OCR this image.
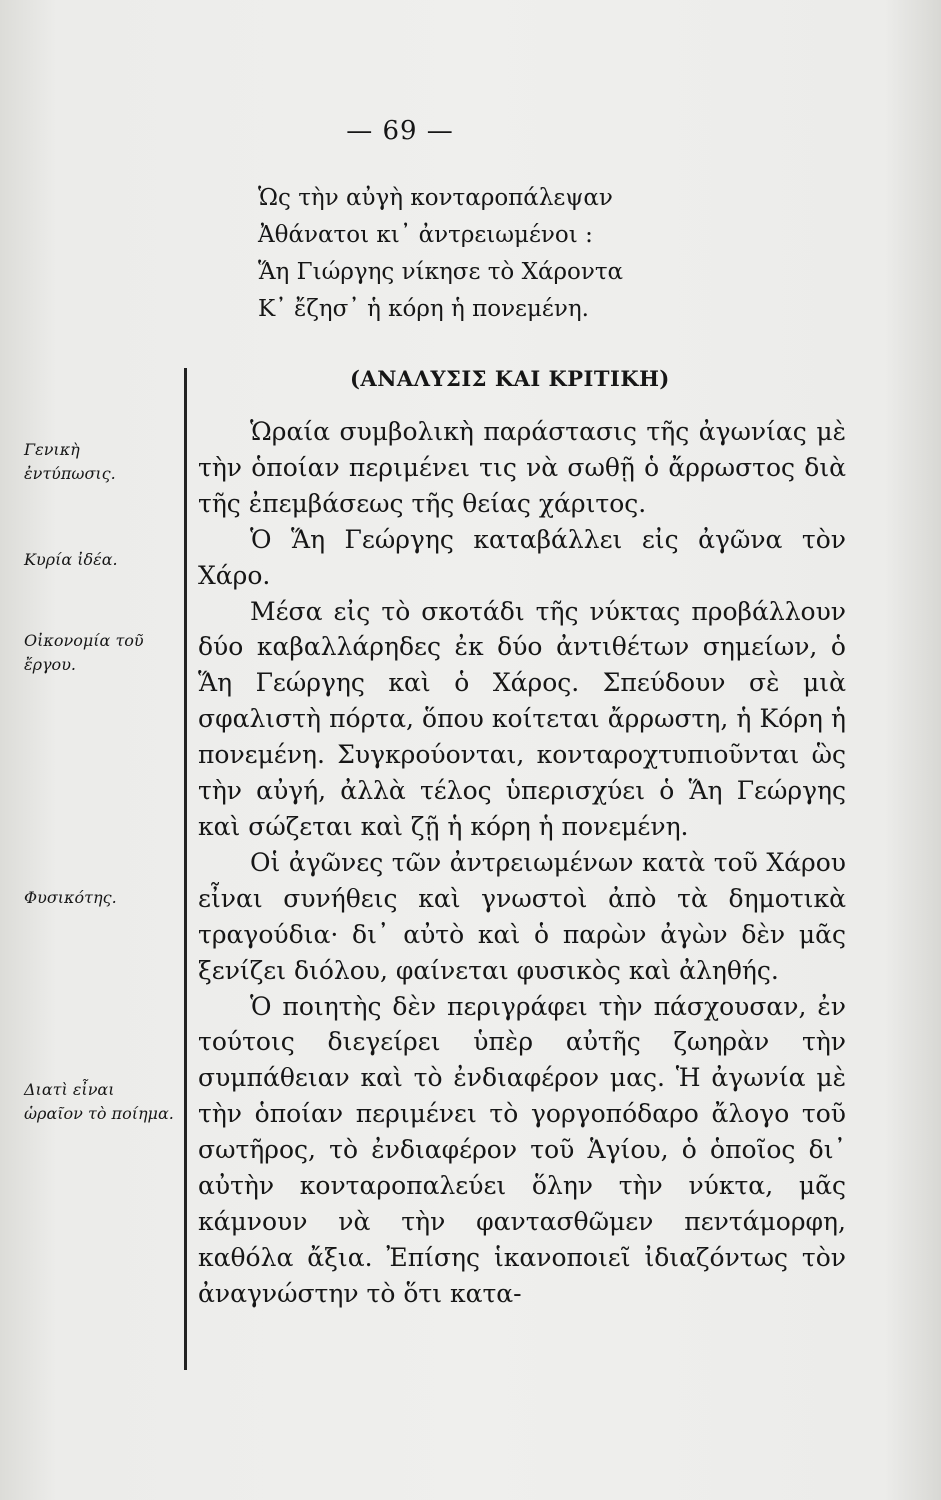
— 69 —
Ὡς τὴν αὐγὴ κονταροπάλεψαν
Ἀθάνατοι κι᾿ ἀντρειωμένοι :
Ἅη Γιώργης νίκησε τὸ Χάροντα
Κ᾿ ἔζησ᾿ ἡ κόρη ἡ πονεμένη.
(ΑΝΑΛΥΣΙΣ ΚΑΙ ΚΡΙΤΙΚΗ)
Γενικὴ ἐντύπωσις.
Κυρία ἰδέα.
Οἰκονομία τοῦ ἔργου.
Φυσικότης.
Διατὶ εἶναι ὡραῖον τὸ ποίημα.

Ὡραία συμβολικὴ παράστασις τῆς ἀγωνίας μὲ τὴν ὁποίαν περιμένει τις νὰ σωθῇ ὁ ἄρρωστος διὰ τῆς ἐπεμβάσεως τῆς θείας χάριτος.

Ὁ Ἅη Γεώργης καταβάλλει εἰς ἀγῶνα τὸν Χάρο.

Μέσα εἰς τὸ σκοτάδι τῆς νύκτας προβάλλουν δύο καβαλλάρηδες ἐκ δύο ἀντιθέτων σημείων, ὁ Ἅη Γεώργης καὶ ὁ Χάρος. Σπεύδουν σὲ μιὰ σφαλιστὴ πόρτα, ὅπου κοίτεται ἄρρωστη, ἡ Κόρη ἡ πονεμένη. Συγκρούονται, κονταροχτυπιοῦνται ὣς τὴν αὐγή, ἀλλὰ τέλος ὑπερισχύει ὁ Ἅη Γεώργης καὶ σώζεται καὶ ζῇ ἡ κόρη ἡ πονεμένη.

Οἱ ἀγῶνες τῶν ἀντρειωμένων κατὰ τοῦ Χάρου εἶναι συνήθεις καὶ γνωστοὶ ἀπὸ τὰ δημοτικὰ τραγούδια· δι᾿ αὐτὸ καὶ ὁ παρὼν ἀγὼν δὲν μᾶς ξενίζει διόλου, φαίνεται φυσικὸς καὶ ἀληθής.

Ὁ ποιητὴς δὲν περιγράφει τὴν πάσχουσαν, ἐν τούτοις διεγείρει ὑπὲρ αὐτῆς ζωηρὰν τὴν συμπάθειαν καὶ τὸ ἐνδιαφέρον μας. Ἡ ἀγωνία μὲ τὴν ὁποίαν περιμένει τὸ γοργοπόδαρο ἄλογο τοῦ σωτῆρος, τὸ ἐνδιαφέρον τοῦ Ἁγίου, ὁ ὁποῖος δι᾿ αὐτὴν κονταροπαλεύει ὅλην τὴν νύκτα, μᾶς κάμνουν νὰ τὴν φαντασθῶμεν πεντάμορφη, καθόλα ἄξια. Ἐπίσης ἱκανοποιεῖ ἰδιαζόντως τὸν ἀναγνώστην τὸ ὅτι κατα-
